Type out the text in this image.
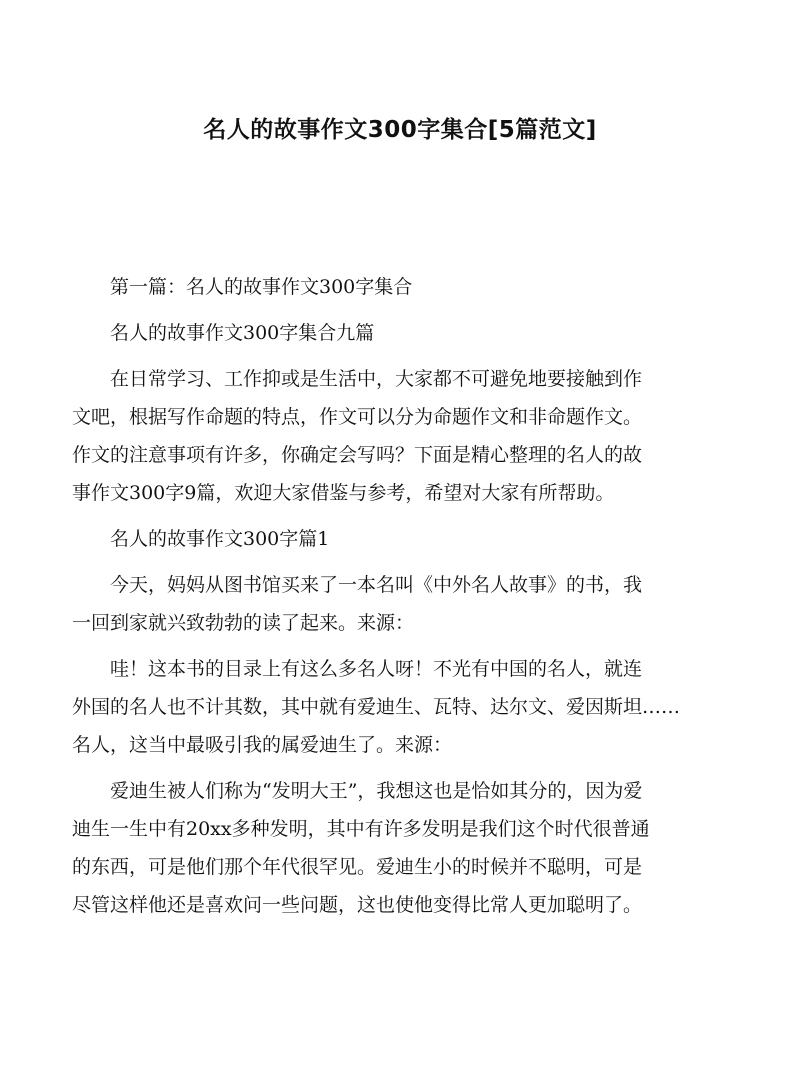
名人的故事作文300字集合[5篇范文]

第一篇：名人的故事作文300字集合

名人的故事作文300字集合九篇

在日常学习、工作抑或是生活中，大家都不可避免地要接触到作
文吧，根据写作命题的特点，作文可以分为命题作文和非命题作文。
作文的注意事项有许多，你确定会写吗？下面是精心整理的名人的故
事作文300字9篇，欢迎大家借鉴与参考，希望对大家有所帮助。

名人的故事作文300字篇1

今天，妈妈从图书馆买来了一本名叫《中外名人故事》的书，我
一回到家就兴致勃勃的读了起来。来源：

哇！这本书的目录上有这么多名人呀！不光有中国的名人，就连
外国的名人也不计其数，其中就有爱迪生、瓦特、达尔文、爱因斯坦……
名人，这当中最吸引我的属爱迪生了。来源：

爱迪生被人们称为“发明大王”，我想这也是恰如其分的，因为爱
迪生一生中有20xx多种发明，其中有许多发明是我们这个时代很普通
的东西，可是他们那个年代很罕见。爱迪生小的时候并不聪明，可是
尽管这样他还是喜欢问一些问题，这也使他变得比常人更加聪明了。
